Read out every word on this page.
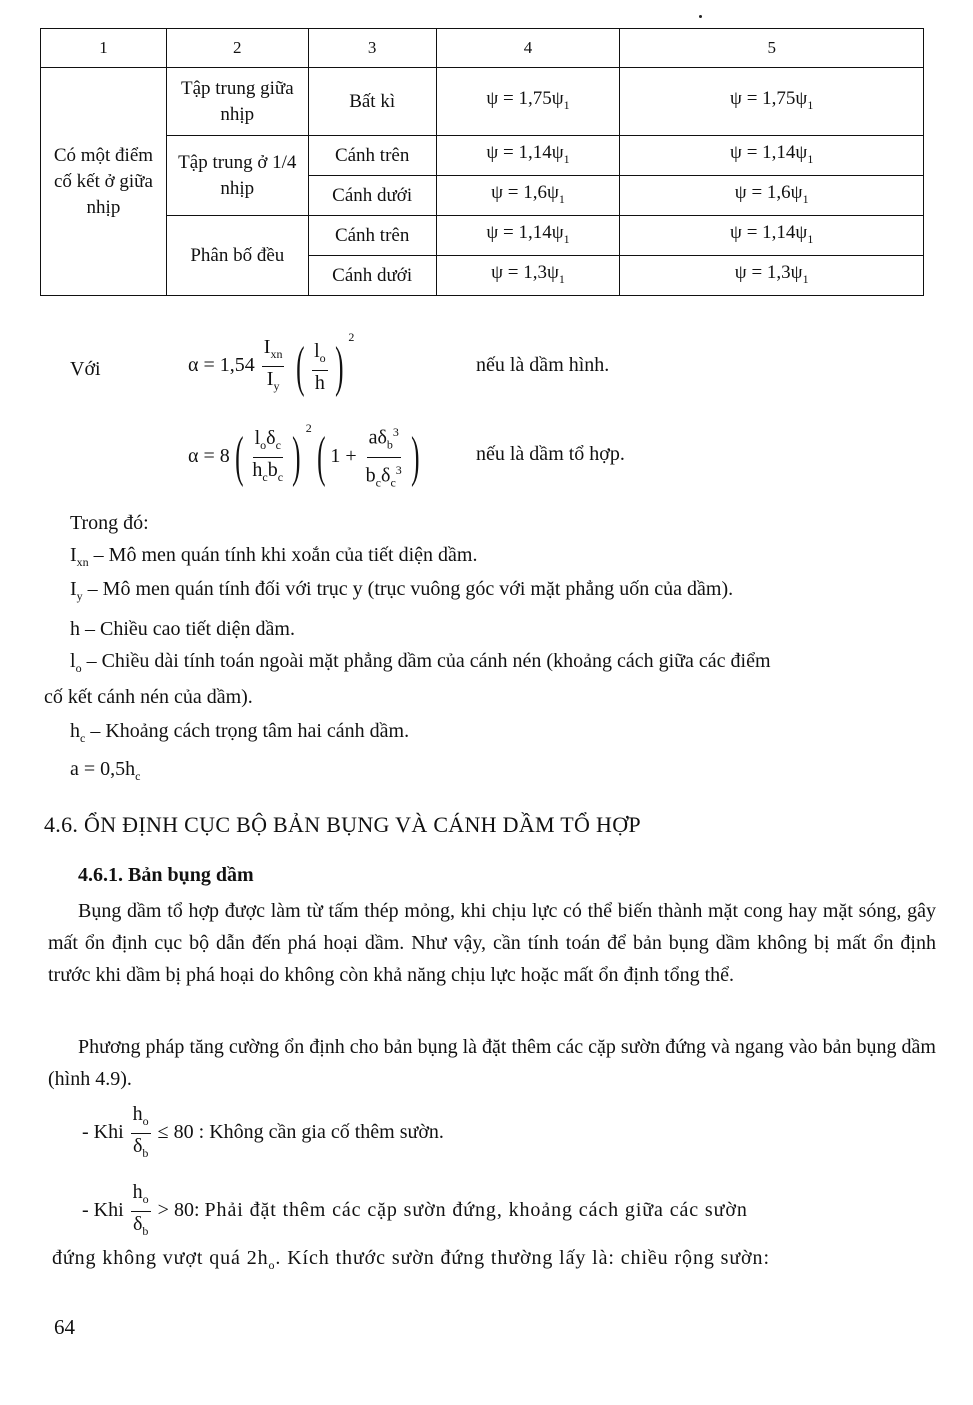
1	2	3	4	5
Có một điểm cố kết ở giữa nhịp	Tập trung giữa nhịp	Bất kì	$\psi = 1,75\psi_1$	$\psi = 1,75\psi_1$
	Tập trung ở 1/4 nhịp	Cánh trên	$\psi = 1,14\psi_1$	$\psi = 1,14\psi_1$
		Cánh dưới	$\psi = 1,6\psi_1$	$\psi = 1,6\psi_1$
	Phân bố đều	Cánh trên	$\psi = 1,14\psi_1$	$\psi = 1,14\psi_1$
		Cánh dưới	$\psi = 1,3\psi_1$	$\psi = 1,3\psi_1$
Với	$\alpha = 1,54 \frac{I_{xn}}{I_y}$ ( $\frac{l_o}{h}$ ) $^2$
nếu là dầm hình.
$\alpha = 8( \frac{l_o\delta_c}{h_cb_c}$ ) $^2$( $1 + \frac{a\delta_b^3}{b_c\delta_c^3}$ )	nếu là dầm tổ hợp.
Trong đó:
$I_{xn}$ – Mô men quán tính khi xoắn của tiết diện dầm.
$I_y$ – Mô men quán tính đối với trục y (trục vuông góc với mặt phẳng uốn của dầm).
h – Chiều cao tiết diện dầm.
$l_o$ – Chiều dài tính toán ngoài mặt phẳng dầm của cánh nén (khoảng cách giữa các điểm
cố kết cánh nén của dầm).
$h_c$ – Khoảng cách trọng tâm hai cánh dầm.
$a = 0,5h_c$
4.6. ỔN ĐỊNH CỤC BỘ BẢN BỤNG VÀ CÁNH DẦM TỔ HỢP
4.6.1. Bản bụng dầm
Bụng dầm tổ hợp được làm từ tấm thép mỏng, khi chịu lực có thể biến thành mặt cong hay mặt sóng, gây mất ổn định cục bộ dẫn đến phá hoại dầm. Như vậy, cần tính toán để bản bụng dầm không bị mất ổn định trước khi dầm bị phá hoại do không còn khả năng chịu lực hoặc mất ổn định tổng thể.
Phương pháp tăng cường ổn định cho bản bụng là đặt thêm các cặp sườn đứng và ngang vào bản bụng dầm (hình 4.9).
- Khi $\frac{h_o}{\delta_b} \le 80$ : Không cần gia cố thêm sườn.
- Khi $\frac{h_o}{\delta_b} > 80$: Phải đặt thêm các cặp sườn đứng, khoảng cách giữa các sườn
đứng không vượt quá $2h_o$. Kích thước sườn đứng thường lấy là: chiều rộng sườn:
64
